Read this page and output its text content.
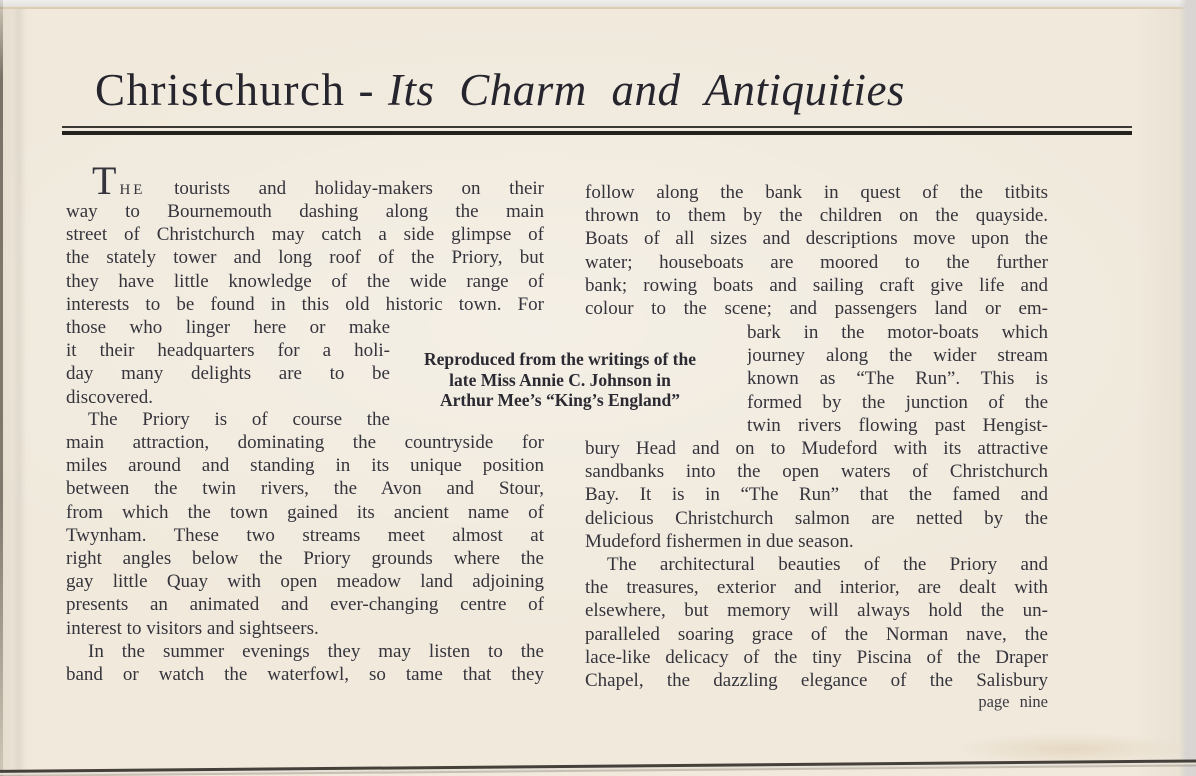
Christchurch - Its Charm and Antiquities
THE tourists and holiday-makers on their
way to Bournemouth dashing along the main
street of Christchurch may catch a side glimpse of
the stately tower and long roof of the Priory, but
they have little knowledge of the wide range of
interests to be found in this old historic town. For
those who linger here or make
it their headquarters for a holi-
day many delights are to be
discovered.
The Priory is of course the
main attraction, dominating the countryside for
miles around and standing in its unique position
between the twin rivers, the Avon and Stour,
from which the town gained its ancient name of
Twynham. These two streams meet almost at
right angles below the Priory grounds where the
gay little Quay with open meadow land adjoining
presents an animated and ever-changing centre of
interest to visitors and sightseers.
In the summer evenings they may listen to the
band or watch the waterfowl, so tame that they
follow along the bank in quest of the titbits
thrown to them by the children on the quayside.
Boats of all sizes and descriptions move upon the
water; houseboats are moored to the further
bank; rowing boats and sailing craft give life and
colour to the scene; and passengers land or em-
bark in the motor-boats which
journey along the wider stream
known as “The Run”. This is
formed by the junction of the
twin rivers flowing past Hengist-
bury Head and on to Mudeford with its attractive
sandbanks into the open waters of Christchurch
Bay. It is in “The Run” that the famed and
delicious Christchurch salmon are netted by the
Mudeford fishermen in due season.
The architectural beauties of the Priory and
the treasures, exterior and interior, are dealt with
elsewhere, but memory will always hold the un-
paralleled soaring grace of the Norman nave, the
lace-like delicacy of the tiny Piscina of the Draper
Chapel, the dazzling elegance of the Salisbury
Reproduced from the writings of the
late Miss Annie C. Johnson in
Arthur Mee’s “King’s England”
page nine
